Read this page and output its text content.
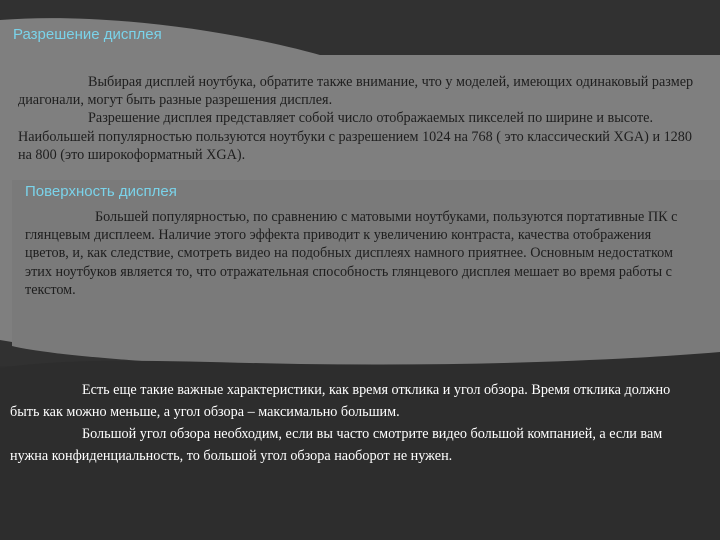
Разрешение дисплея

Выбирая дисплей ноутбука, обратите также внимание, что у моделей, имеющих одинаковый размер диагонали, могут быть разные разрешения дисплея.

Разрешение дисплея представляет собой число отображаемых пикселей по ширине и высоте. Наибольшей популярностью пользуются ноутбуки с разрешением 1024 на 768 ( это классический XGA) и 1280 на 800 (это широкоформатный XGA).

Поверхность дисплея

Большей популярностью, по сравнению с матовыми ноутбуками, пользуются портативные ПК с глянцевым дисплеем. Наличие этого эффекта приводит к увеличению контраста, качества отображения цветов, и, как следствие, смотреть видео на подобных дисплеях намного приятнее. Основным недостатком этих ноутбуков является то, что отражательная способность глянцевого дисплея мешает во время работы с текстом.

Есть еще такие важные характеристики, как время отклика и угол обзора. Время отклика должно быть как можно меньше, а угол обзора – максимально большим.

Большой угол обзора необходим, если вы часто смотрите видео большой компанией, а если вам нужна конфиденциальность, то большой угол обзора наоборот не нужен.
